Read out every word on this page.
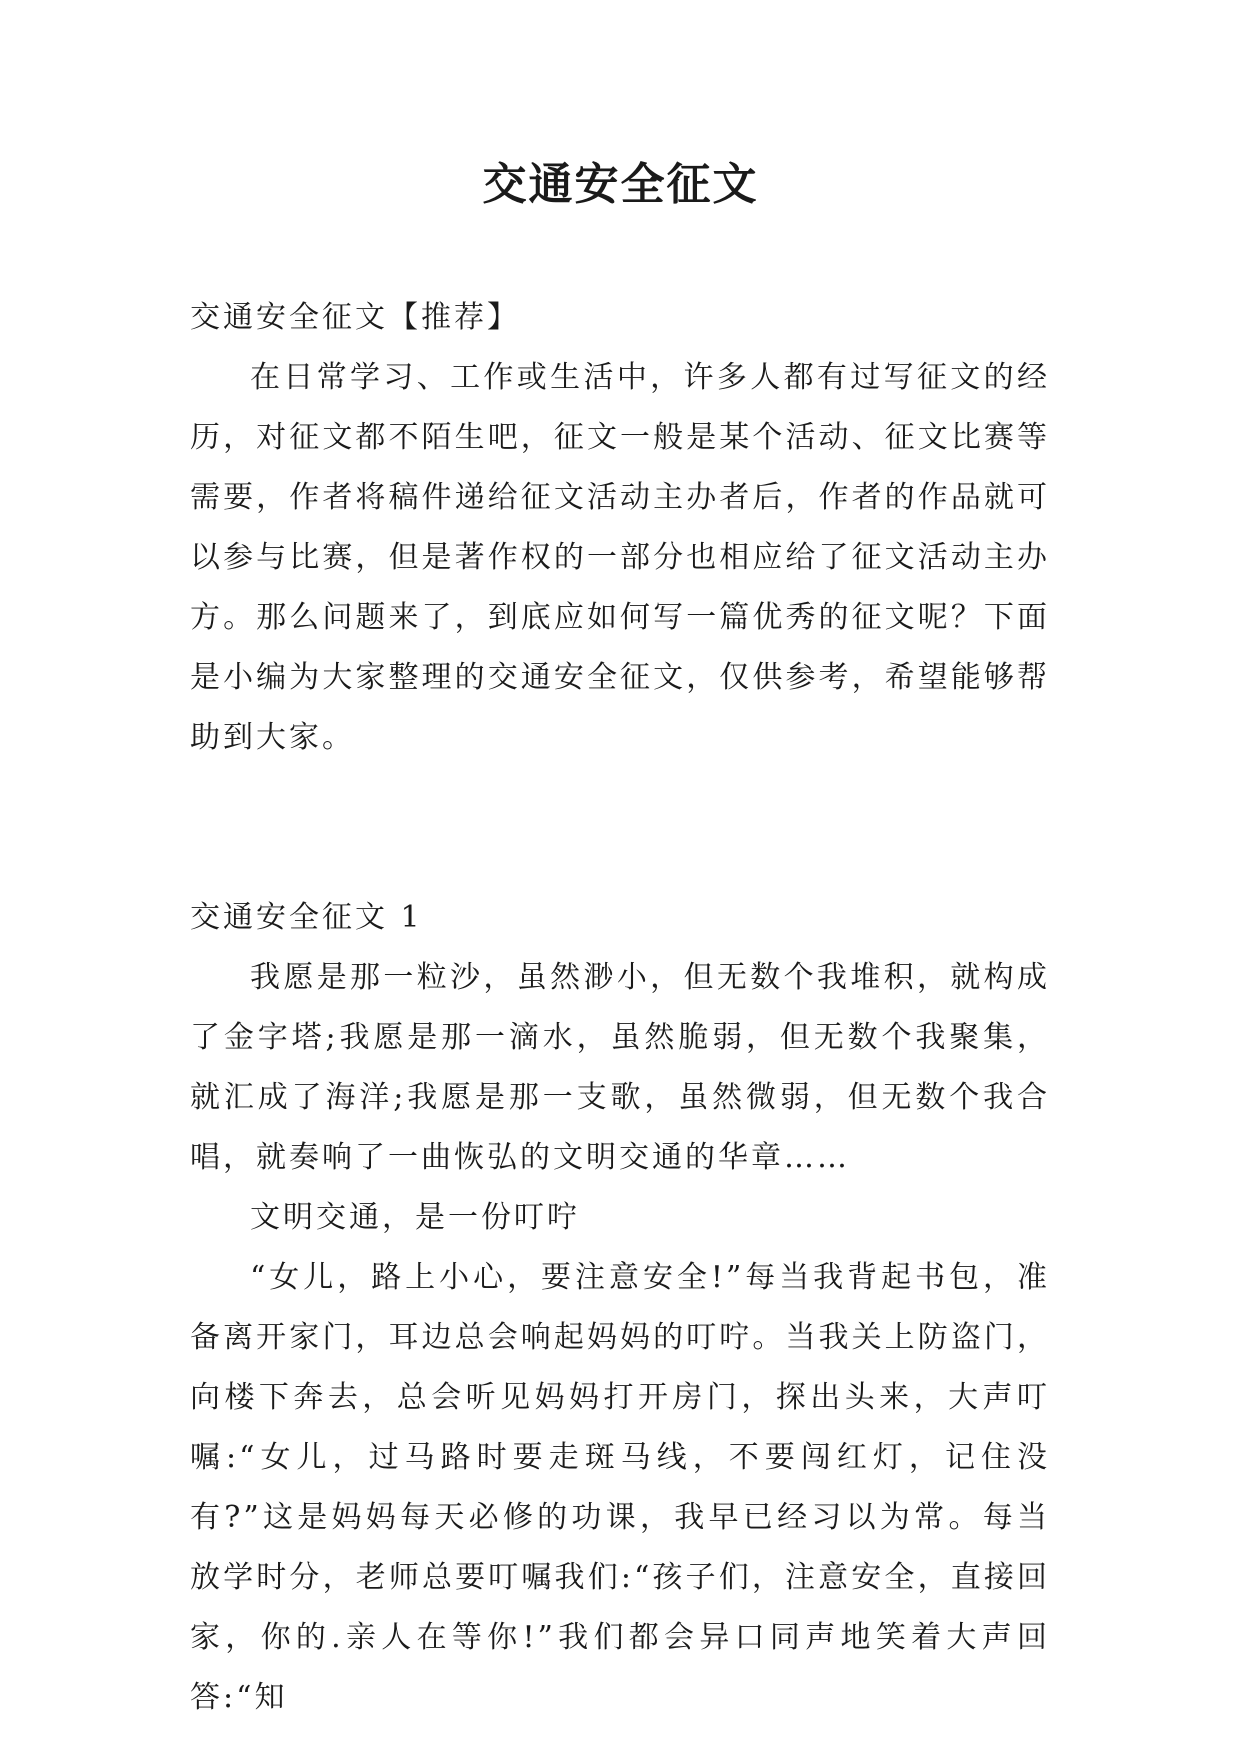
交通安全征文

交通安全征文【推荐】

在日常学习、工作或生活中，许多人都有过写征文的经历，对征文都不陌生吧，征文一般是某个活动、征文比赛等需要，作者将稿件递给征文活动主办者后，作者的作品就可以参与比赛，但是著作权的一部分也相应给了征文活动主办方。那么问题来了，到底应如何写一篇优秀的征文呢？下面是小编为大家整理的交通安全征文，仅供参考，希望能够帮助到大家。

交通安全征文 1

我愿是那一粒沙，虽然渺小，但无数个我堆积，就构成了金字塔;我愿是那一滴水，虽然脆弱，但无数个我聚集，就汇成了海洋;我愿是那一支歌，虽然微弱，但无数个我合唱，就奏响了一曲恢弘的文明交通的华章……

文明交通，是一份叮咛

“女儿，路上小心，要注意安全!”每当我背起书包，准备离开家门，耳边总会响起妈妈的叮咛。当我关上防盗门，向楼下奔去，总会听见妈妈打开房门，探出头来，大声叮嘱:“女儿，过马路时要走斑马线，不要闯红灯，记住没有?”这是妈妈每天必修的功课，我早已经习以为常。每当放学时分，老师总要叮嘱我们:“孩子们，注意安全，直接回家，你的.亲人在等你!”我们都会异口同声地笑着大声回答:“知
